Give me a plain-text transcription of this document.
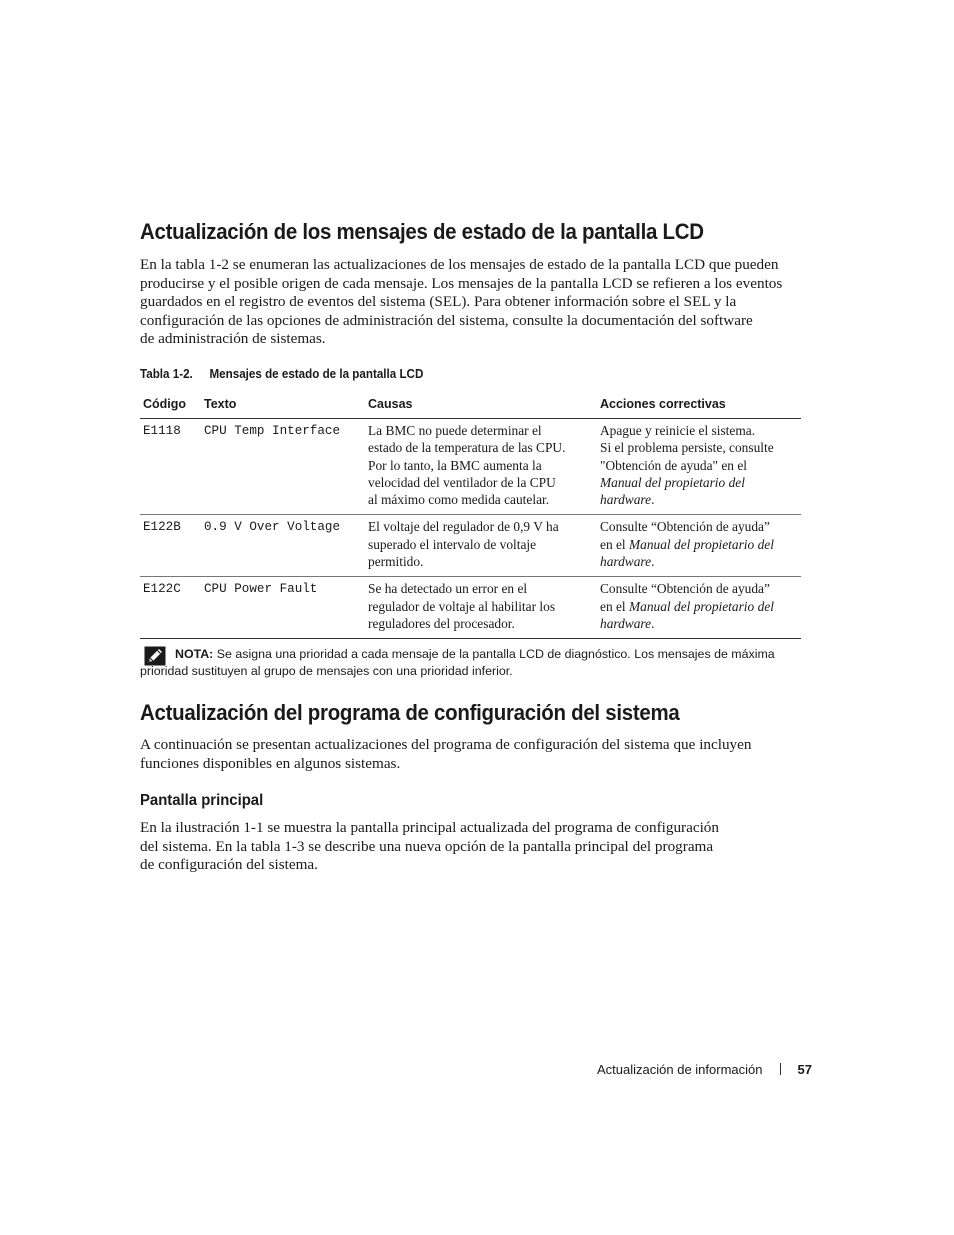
Actualización de los mensajes de estado de la pantalla LCD

En la tabla 1-2 se enumeran las actualizaciones de los mensajes de estado de la pantalla LCD que pueden
producirse y el posible origen de cada mensaje. Los mensajes de la pantalla LCD se refieren a los eventos
guardados en el registro de eventos del sistema (SEL). Para obtener información sobre el SEL y la
configuración de las opciones de administración del sistema, consulte la documentación del software
de administración de sistemas.

Tabla 1-2. Mensajes de estado de la pantalla LCD
Código	Texto	Causas	Acciones correctivas
E1118	CPU Temp Interface	La BMC no puede determinar el
estado de la temperatura de las CPU.
Por lo tanto, la BMC aumenta la
velocidad del ventilador de la CPU
al máximo como medida cautelar.	Apague y reinicie el sistema.
Si el problema persiste, consulte
"Obtención de ayuda" en el
Manual del propietario del
hardware.

E122B	0.9 V Over Voltage	El voltaje del regulador de 0,9 V ha
superado el intervalo de voltaje
permitido.	Consulte “Obtención de ayuda”
en el Manual del propietario del
hardware.

E122C	CPU Power Fault	Se ha detectado un error en el
regulador de voltaje al habilitar los
reguladores del procesador.	Consulte “Obtención de ayuda”
en el Manual del propietario del
hardware.
NOTA: Se asigna una prioridad a cada mensaje de la pantalla LCD de diagnóstico. Los mensajes de máxima
prioridad sustituyen al grupo de mensajes con una prioridad inferior.
Actualización del programa de configuración del sistema

A continuación se presentan actualizaciones del programa de configuración del sistema que incluyen
funciones disponibles en algunos sistemas.

Pantalla principal

En la ilustración 1-1 se muestra la pantalla principal actualizada del programa de configuración
del sistema. En la tabla 1-3 se describe una nueva opción de la pantalla principal del programa
de configuración del sistema.

Actualización de información	57
